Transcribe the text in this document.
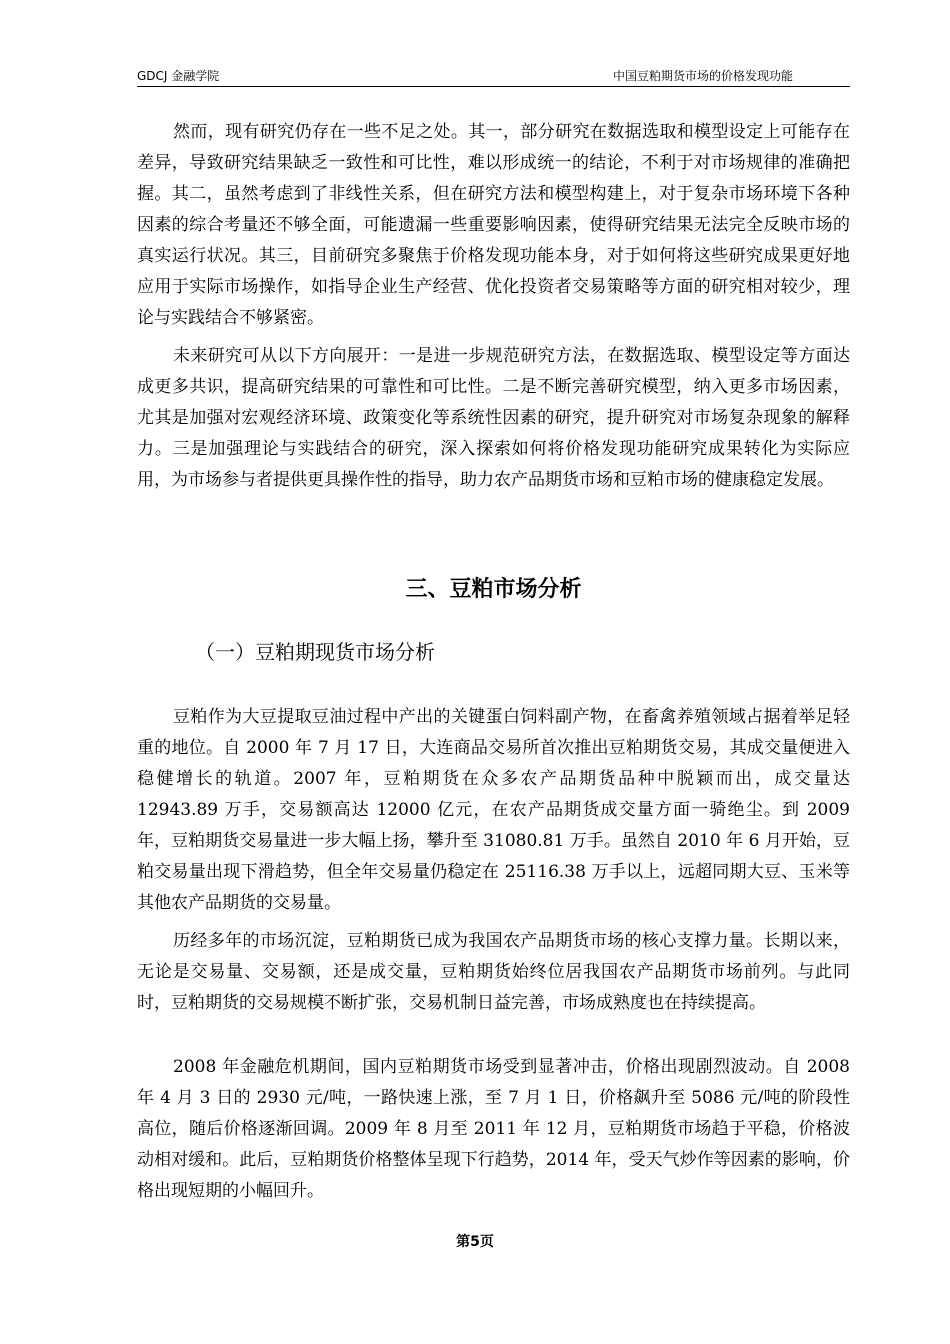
GDCJ 金融学院	中国豆粕期货市场的价格发现功能

然而，现有研究仍存在一些不足之处。其一，部分研究在数据选取和模型设定上可能存在差异，导致研究结果缺乏一致性和可比性，难以形成统一的结论，不利于对市场规律的准确把握。其二，虽然考虑到了非线性关系，但在研究方法和模型构建上，对于复杂市场环境下各种因素的综合考量还不够全面，可能遗漏一些重要影响因素，使得研究结果无法完全反映市场的真实运行状况。其三，目前研究多聚焦于价格发现功能本身，对于如何将这些研究成果更好地应用于实际市场操作，如指导企业生产经营、优化投资者交易策略等方面的研究相对较少，理论与实践结合不够紧密。

未来研究可从以下方向展开：一是进一步规范研究方法，在数据选取、模型设定等方面达成更多共识，提高研究结果的可靠性和可比性。二是不断完善研究模型，纳入更多市场因素，尤其是加强对宏观经济环境、政策变化等系统性因素的研究，提升研究对市场复杂现象的解释力。三是加强理论与实践结合的研究，深入探索如何将价格发现功能研究成果转化为实际应用，为市场参与者提供更具操作性的指导，助力农产品期货市场和豆粕市场的健康稳定发展。

三、豆粕市场分析
（一）豆粕期现货市场分析

豆粕作为大豆提取豆油过程中产出的关键蛋白饲料副产物，在畜禽养殖领域占据着举足轻重的地位。自 2000 年 7 月 17 日，大连商品交易所首次推出豆粕期货交易，其成交量便进入稳健增长的轨道。2007 年，豆粕期货在众多农产品期货品种中脱颖而出，成交量达 12943.89 万手，交易额高达 12000 亿元，在农产品期货成交量方面一骑绝尘。到 2009 年，豆粕期货交易量进一步大幅上扬，攀升至 31080.81 万手。虽然自 2010 年 6 月开始，豆粕交易量出现下滑趋势，但全年交易量仍稳定在 25116.38 万手以上，远超同期大豆、玉米等其他农产品期货的交易量。

历经多年的市场沉淀，豆粕期货已成为我国农产品期货市场的核心支撑力量。长期以来，无论是交易量、交易额，还是成交量，豆粕期货始终位居我国农产品期货市场前列。与此同时，豆粕期货的交易规模不断扩张，交易机制日益完善，市场成熟度也在持续提高。

2008 年金融危机期间，国内豆粕期货市场受到显著冲击，价格出现剧烈波动。自 2008 年 4 月 3 日的 2930 元/吨，一路快速上涨，至 7 月 1 日，价格飙升至 5086 元/吨的阶段性高位，随后价格逐渐回调。2009 年 8 月至 2011 年 12 月，豆粕期货市场趋于平稳，价格波动相对缓和。此后，豆粕期货价格整体呈现下行趋势，2014 年，受天气炒作等因素的影响，价格出现短期的小幅回升。

第5页
